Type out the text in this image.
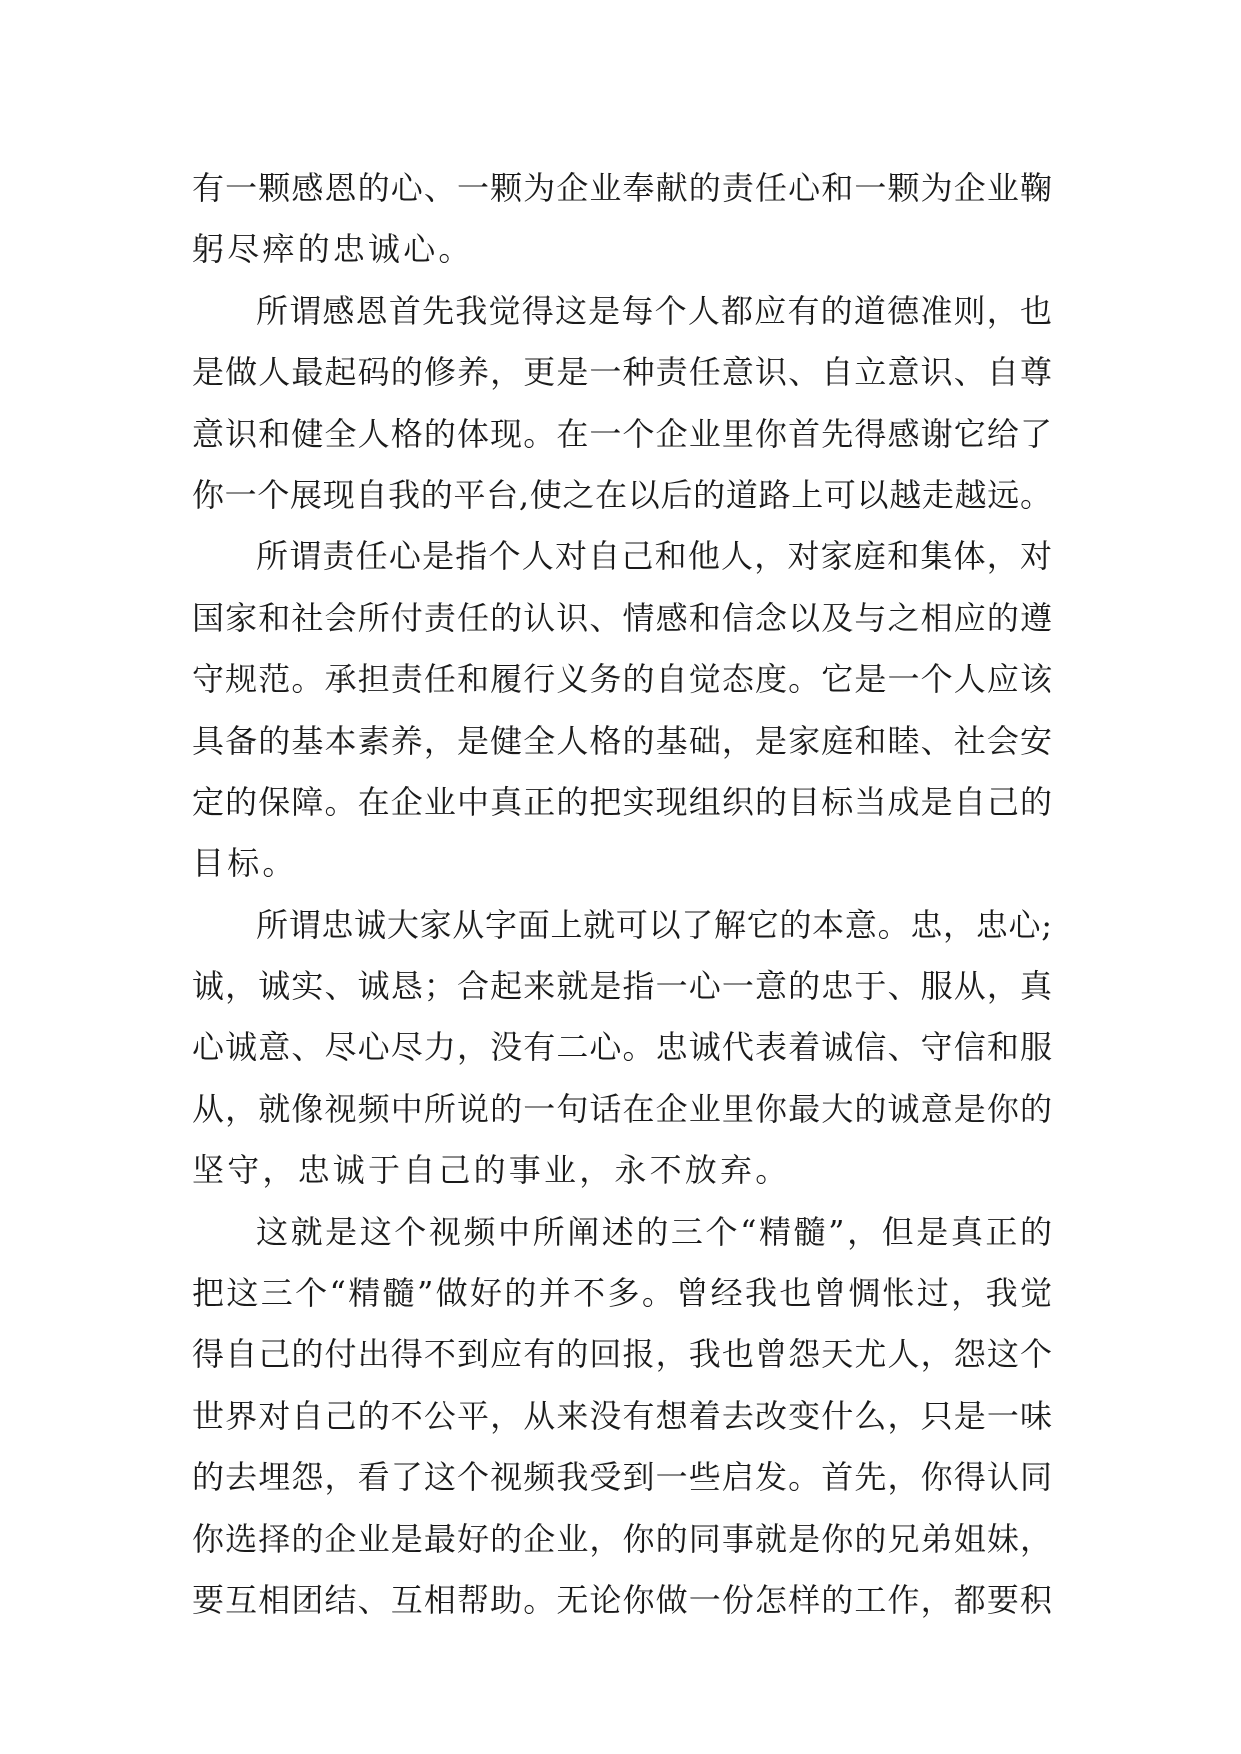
有一颗感恩的心、一颗为企业奉献的责任心和一颗为企业鞠
躬尽瘁的忠诚心。
所谓感恩首先我觉得这是每个人都应有的道德准则，也
是做人最起码的修养，更是一种责任意识、自立意识、自尊
意识和健全人格的体现。在一个企业里你首先得感谢它给了
你一个展现自我的平台,使之在以后的道路上可以越走越远。
所谓责任心是指个人对自己和他人，对家庭和集体，对
国家和社会所付责任的认识、情感和信念以及与之相应的遵
守规范。承担责任和履行义务的自觉态度。它是一个人应该
具备的基本素养，是健全人格的基础，是家庭和睦、社会安
定的保障。在企业中真正的把实现组织的目标当成是自己的
目标。
所谓忠诚大家从字面上就可以了解它的本意。忠，忠心;
诚，诚实、诚恳；合起来就是指一心一意的忠于、服从，真
心诚意、尽心尽力，没有二心。忠诚代表着诚信、守信和服
从，就像视频中所说的一句话在企业里你最大的诚意是你的
坚守，忠诚于自己的事业，永不放弃。
这就是这个视频中所阐述的三个“精髓”，但是真正的
把这三个“精髓”做好的并不多。曾经我也曾惆怅过，我觉
得自己的付出得不到应有的回报，我也曾怨天尤人，怨这个
世界对自己的不公平，从来没有想着去改变什么，只是一味
的去埋怨，看了这个视频我受到一些启发。首先，你得认同
你选择的企业是最好的企业，你的同事就是你的兄弟姐妹，
要互相团结、互相帮助。无论你做一份怎样的工作，都要积
